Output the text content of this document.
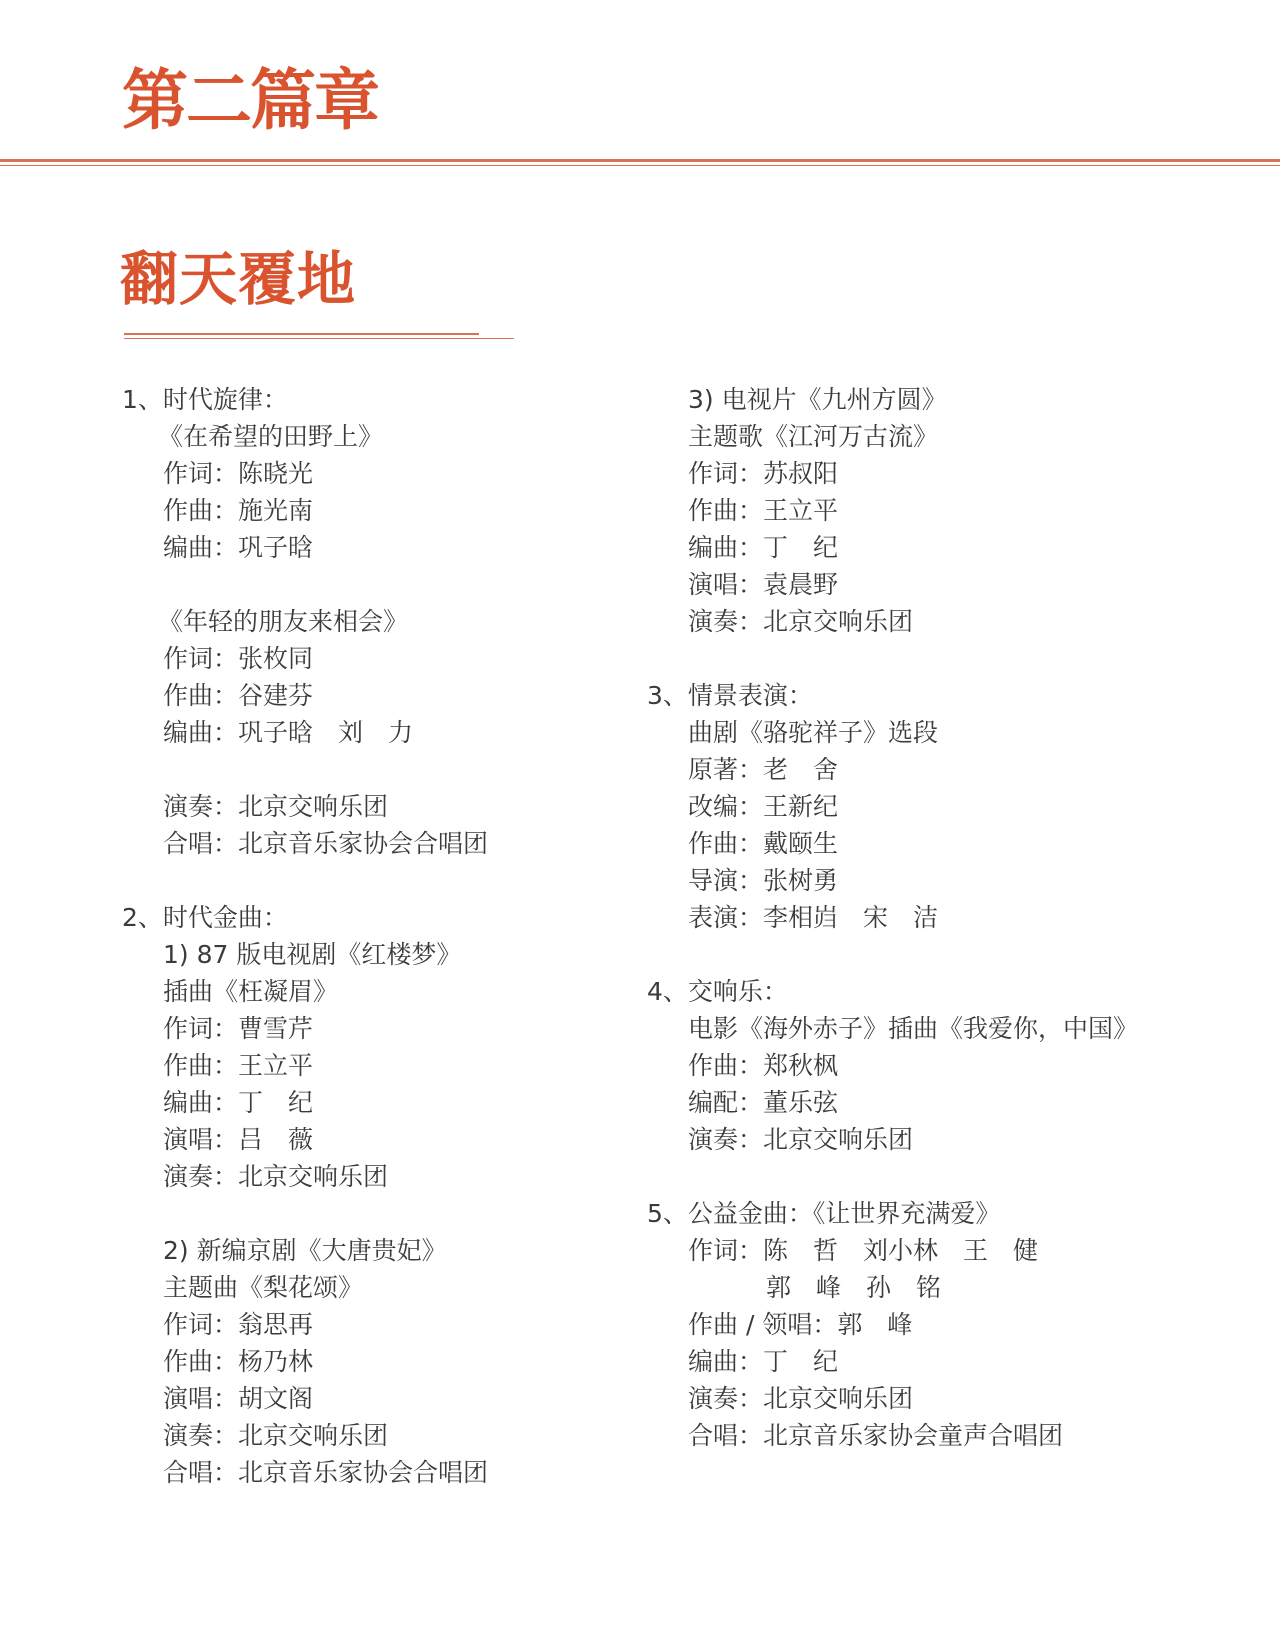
第二篇章
翻天覆地
1、时代旋律：
《在希望的田野上》
作词：陈晓光
作曲：施光南
编曲：巩子晗
《年轻的朋友来相会》
作词：张枚同
作曲：谷建芬
编曲：巩子晗　刘　力
演奏：北京交响乐团
合唱：北京音乐家协会合唱团
2、时代金曲：
1) 87 版电视剧《红楼梦》
插曲《枉凝眉》
作词：曹雪芹
作曲：王立平
编曲：丁　纪
演唱：吕　薇
演奏：北京交响乐团
2) 新编京剧《大唐贵妃》
主题曲《梨花颂》
作词：翁思再
作曲：杨乃林
演唱：胡文阁
演奏：北京交响乐团
合唱：北京音乐家协会合唱团
3) 电视片《九州方圆》
主题歌《江河万古流》
作词：苏叔阳
作曲：王立平
编曲：丁　纪
演唱：袁晨野
演奏：北京交响乐团
3、情景表演：
曲剧《骆驼祥子》选段
原著：老　舍
改编：王新纪
作曲：戴颐生
导演：张树勇
表演：李相岿　宋　洁
4、交响乐：
电影《海外赤子》插曲《我爱你，中国》
作曲：郑秋枫
编配：董乐弦
演奏：北京交响乐团
5、公益金曲：《让世界充满爱》
作词：陈　哲　刘小林　王　健
郭　峰　孙　铭
作曲 / 领唱：郭　峰
编曲：丁　纪
演奏：北京交响乐团
合唱：北京音乐家协会童声合唱团
